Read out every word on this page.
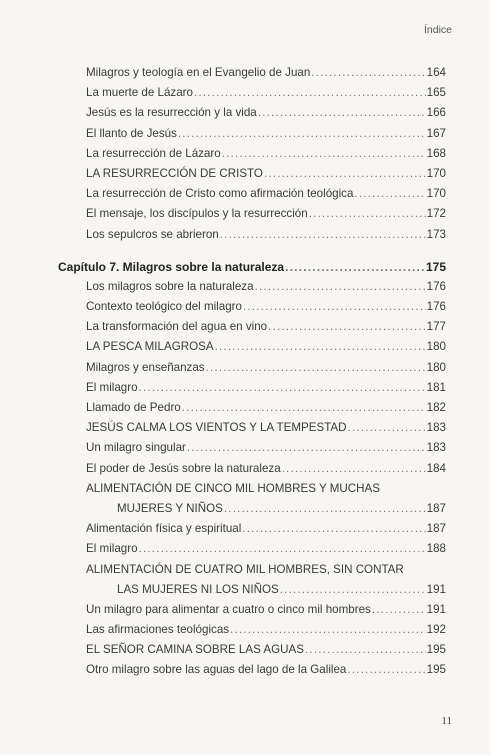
Índice
Milagros y teología en el Evangelio de Juan .....	164
La muerte de Lázaro .....	165
Jesús es la resurrección y la vida .....	166
El llanto de Jesús .....	167
La resurrección de Lázaro .....	168
LA RESURRECCIÓN DE CRISTO .....	170
La resurrección de Cristo como afirmación teológica .....	170
El mensaje, los discípulos y la resurrección .....	172
Los sepulcros se abrieron .....	173
Capítulo 7. Milagros sobre la naturaleza .....	175
Los milagros sobre la naturaleza .....	176
Contexto teológico del milagro .....	176
La transformación del agua en vino .....	177
LA PESCA MILAGROSA .....	180
Milagros y enseñanzas .....	180
El milagro .....	181
Llamado de Pedro .....	182
JESÚS CALMA LOS VIENTOS Y LA TEMPESTAD .....	183
Un milagro singular .....	183
El poder de Jesús sobre la naturaleza .....	184
ALIMENTACIÓN DE CINCO MIL HOMBRES Y MUCHAS
MUJERES Y NIÑOS .....	187
Alimentación física y espiritual .....	187
El milagro .....	188
ALIMENTACIÓN DE CUATRO MIL HOMBRES, SIN CONTAR
LAS MUJERES NI LOS NIÑOS .....	191
Un milagro para alimentar a cuatro o cinco mil hombres .....	191
Las afirmaciones teológicas .....	192
EL SEÑOR CAMINA SOBRE LAS AGUAS .....	195
Otro milagro sobre las aguas del lago de la Galilea .....	195
11
